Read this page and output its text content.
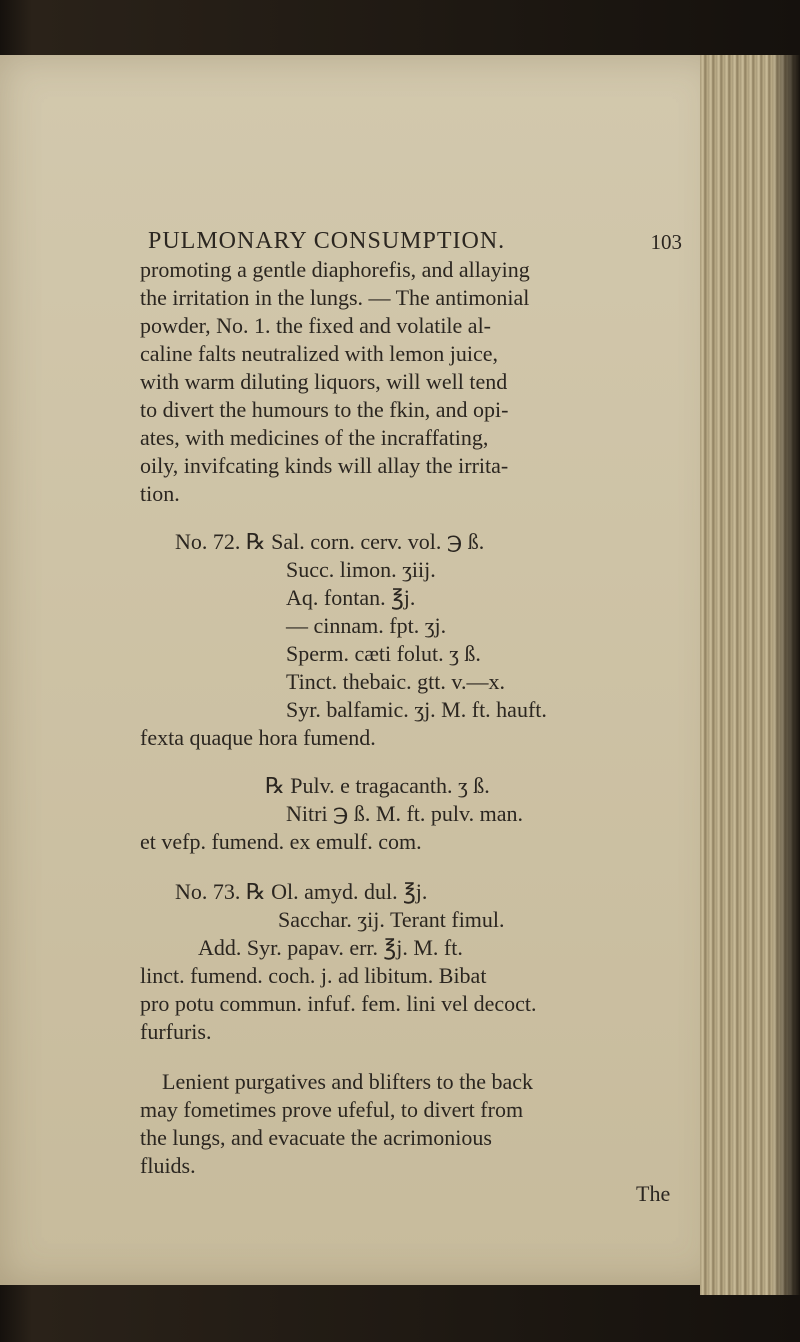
PULMONARY CONSUMPTION.	103
promoting a gentle diaphorefis, and allaying
the irritation in the lungs. — The antimonial
powder, No. 1. the fixed and volatile al-
caline falts neutralized with lemon juice,
with warm diluting liquors, will well tend
to divert the humours to the fkin, and opi-
ates, with medicines of the incraffating,
oily, invifcating kinds will allay the irrita-
tion.
No. 72. ℞ Sal. corn. cerv. vol. ℈ ß.
Succ. limon. ʒiij.
Aq. fontan. ℥j.
— cinnam. fpt. ʒj.
Sperm. cæti folut. ʒ ß.
Tinct. thebaic. gtt. v.—x.
Syr. balfamic. ʒj. M. ft. hauft.
fexta quaque hora fumend.
℞ Pulv. e tragacanth. ʒ ß.
Nitri ℈ ß. M. ft. pulv. man.
et vefp. fumend. ex emulf. com.
No. 73. ℞ Ol. amyd. dul. ℥j.
Sacchar. ʒij. Terant fimul.
Add. Syr. papav. err. ℥j. M. ft.
linct. fumend. coch. j. ad libitum. Bibat
pro potu commun. infuf. fem. lini vel decoct.
furfuris.
Lenient purgatives and blifters to the back
may fometimes prove ufeful, to divert from
the lungs, and evacuate the acrimonious
fluids.
The
